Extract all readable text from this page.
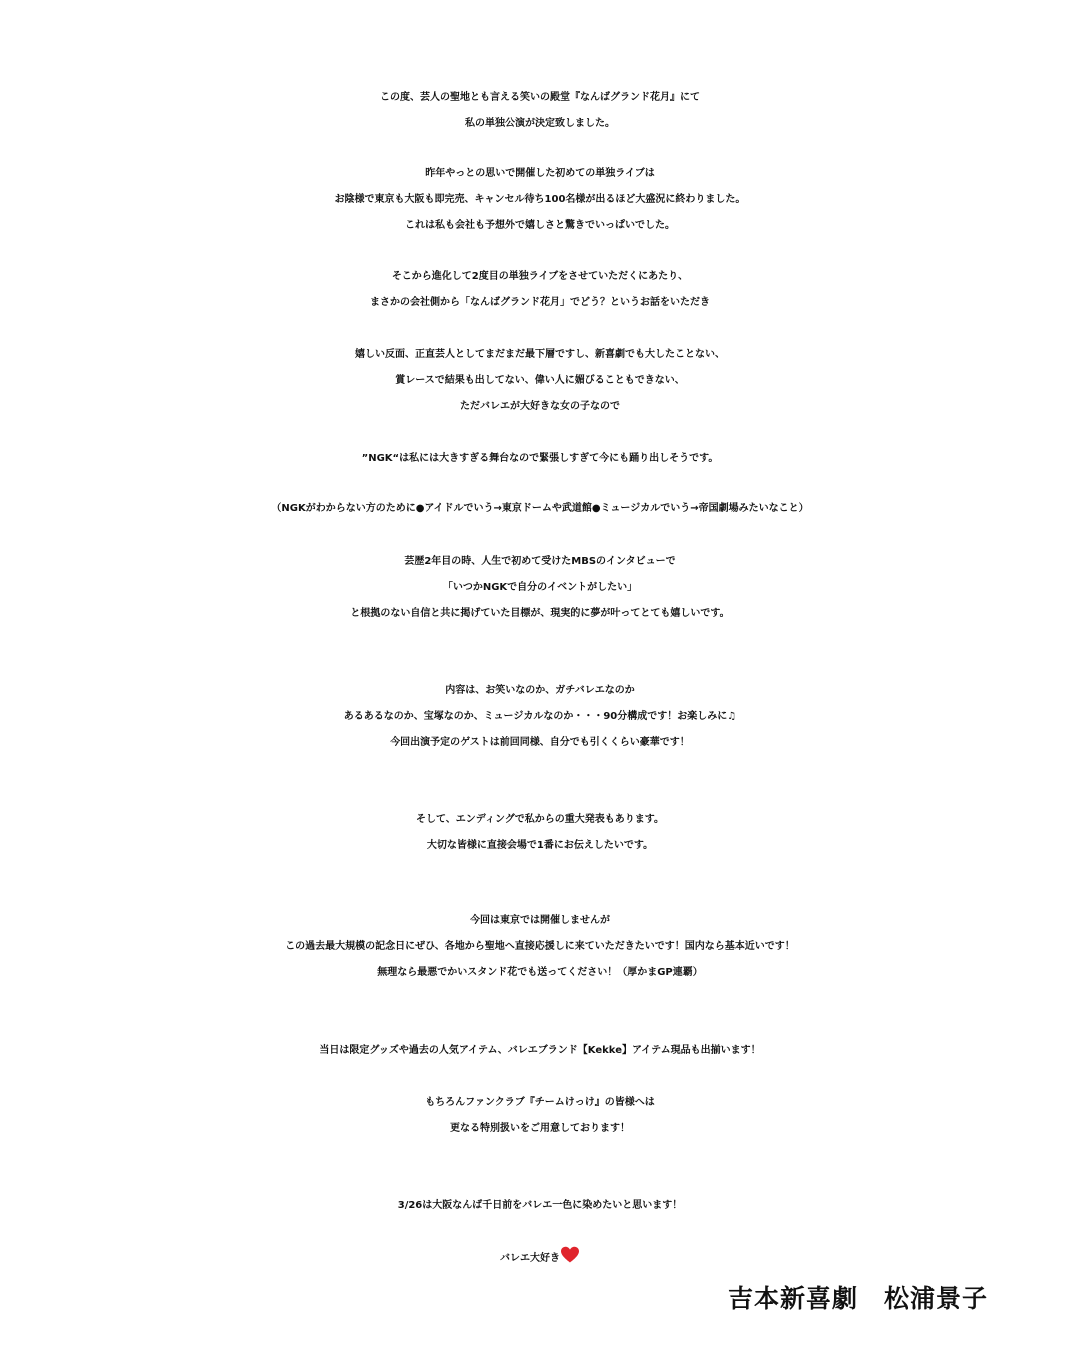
この度、芸人の聖地とも言える笑いの殿堂『なんばグランド花月』にて
私の単独公演が決定致しました。
昨年やっとの思いで開催した初めての単独ライブは
お陰様で東京も大阪も即完売、キャンセル待ち100名様が出るほど大盛況に終わりました。
これは私も会社も予想外で嬉しさと驚きでいっぱいでした。
そこから進化して2度目の単独ライブをさせていただくにあたり、
まさかの会社側から「なんばグランド花月」でどう？というお話をいただき
嬉しい反面、正直芸人としてまだまだ最下層ですし、新喜劇でも大したことない、
賞レースで結果も出してない、偉い人に媚びることもできない、
ただバレエが大好きな女の子なので
”NGK“は私には大きすぎる舞台なので緊張しすぎて今にも踊り出しそうです。
（NGKがわからない方のために●アイドルでいう→東京ドームや武道館●ミュージカルでいう→帝国劇場みたいなこと）
芸歴2年目の時、人生で初めて受けたMBSのインタビューで
「いつかNGKで自分のイベントがしたい」
と根拠のない自信と共に掲げていた目標が、現実的に夢が叶ってとても嬉しいです。
内容は、お笑いなのか、ガチバレエなのか
あるあるなのか、宝塚なのか、ミュージカルなのか・・・90分構成です！お楽しみに♫
今回出演予定のゲストは前回同様、自分でも引くくらい豪華です！
そして、エンディングで私からの重大発表もあります。
大切な皆様に直接会場で1番にお伝えしたいです。
今回は東京では開催しませんが
この過去最大規模の記念日にぜひ、各地から聖地へ直接応援しに来ていただきたいです！国内なら基本近いです！
無理なら最悪でかいスタンド花でも送ってください！（厚かまGP連覇）
当日は限定グッズや過去の人気アイテム、バレエブランド【Kekke】アイテム現品も出揃います！
もちろんファンクラブ『チームけっけ』の皆様へは
更なる特別扱いをご用意しております！
3/26は大阪なんば千日前をバレエ一色に染めたいと思います！
バレエ大好き
吉本新喜劇　松浦景子
